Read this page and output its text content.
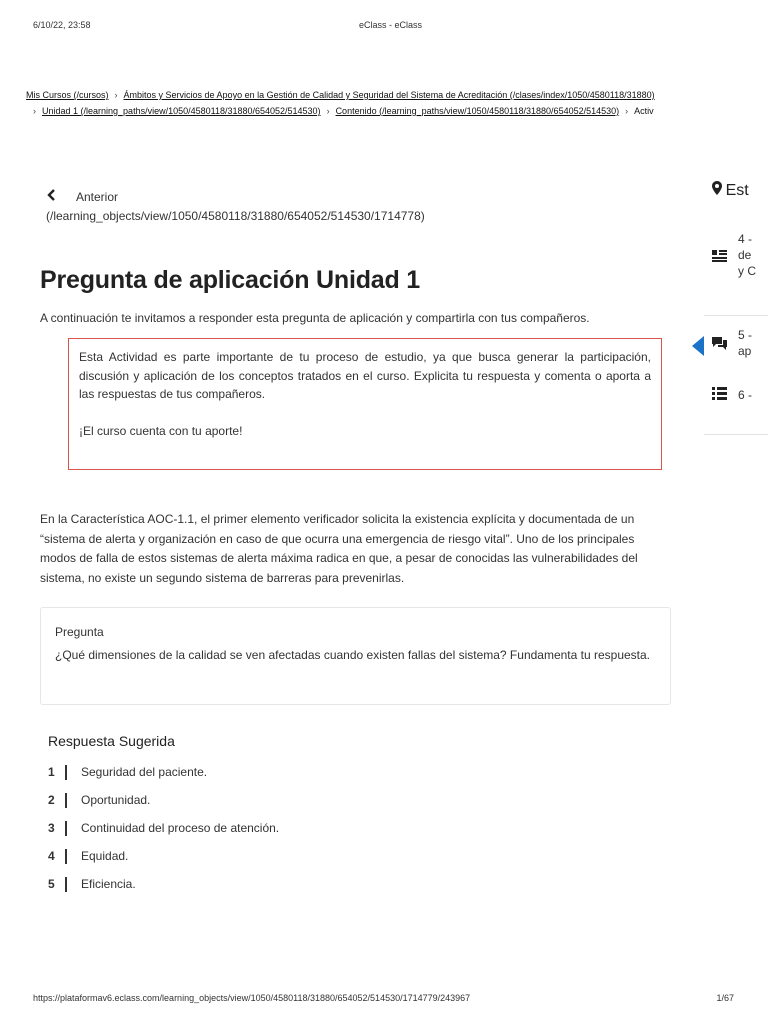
6/10/22, 23:58	eClass - eClass
Mis Cursos (/cursos) › Ámbitos y Servicios de Apoyo en la Gestión de Calidad y Seguridad del Sistema de Acreditación (/clases/index/1050/4580118/31880)
› Unidad 1 (/learning_paths/view/1050/4580118/31880/654052/514530) › Contenido (/learning_paths/view/1050/4580118/31880/654052/514530) › Activ
Anterior
(/learning_objects/view/1050/4580118/31880/654052/514530/1714778)
Pregunta de aplicación Unidad 1

A continuación te invitamos a responder esta pregunta de aplicación y compartirla con tus compañeros.

Esta Actividad es parte importante de tu proceso de estudio, ya que busca generar la participación, discusión y aplicación de los conceptos tratados en el curso. Explicita tu respuesta y comenta o aporta a las respuestas de tus compañeros.

¡El curso cuenta con tu aporte!

En la Característica AOC-1.1, el primer elemento verificador solicita la existencia explícita y documentada de un “sistema de alerta y organización en caso de que ocurra una emergencia de riesgo vital”. Uno de los principales modos de falla de estos sistemas de alerta máxima radica en que, a pesar de conocidas las vulnerabilidades del sistema, no existe un segundo sistema de barreras para prevenirlas.

Pregunta
¿Qué dimensiones de la calidad se ven afectadas cuando existen fallas del sistema? Fundamenta tu respuesta.
Respuesta Sugerida
1	Seguridad del paciente.
2	Oportunidad.
3	Continuidad del proceso de atención.
4	Equidad.
5	Eficiencia.
Est
4 -
de
y C
5 -
ap
6 -
https://plataformav6.eclass.com/learning_objects/view/1050/4580118/31880/654052/514530/1714779/243967	1/67
